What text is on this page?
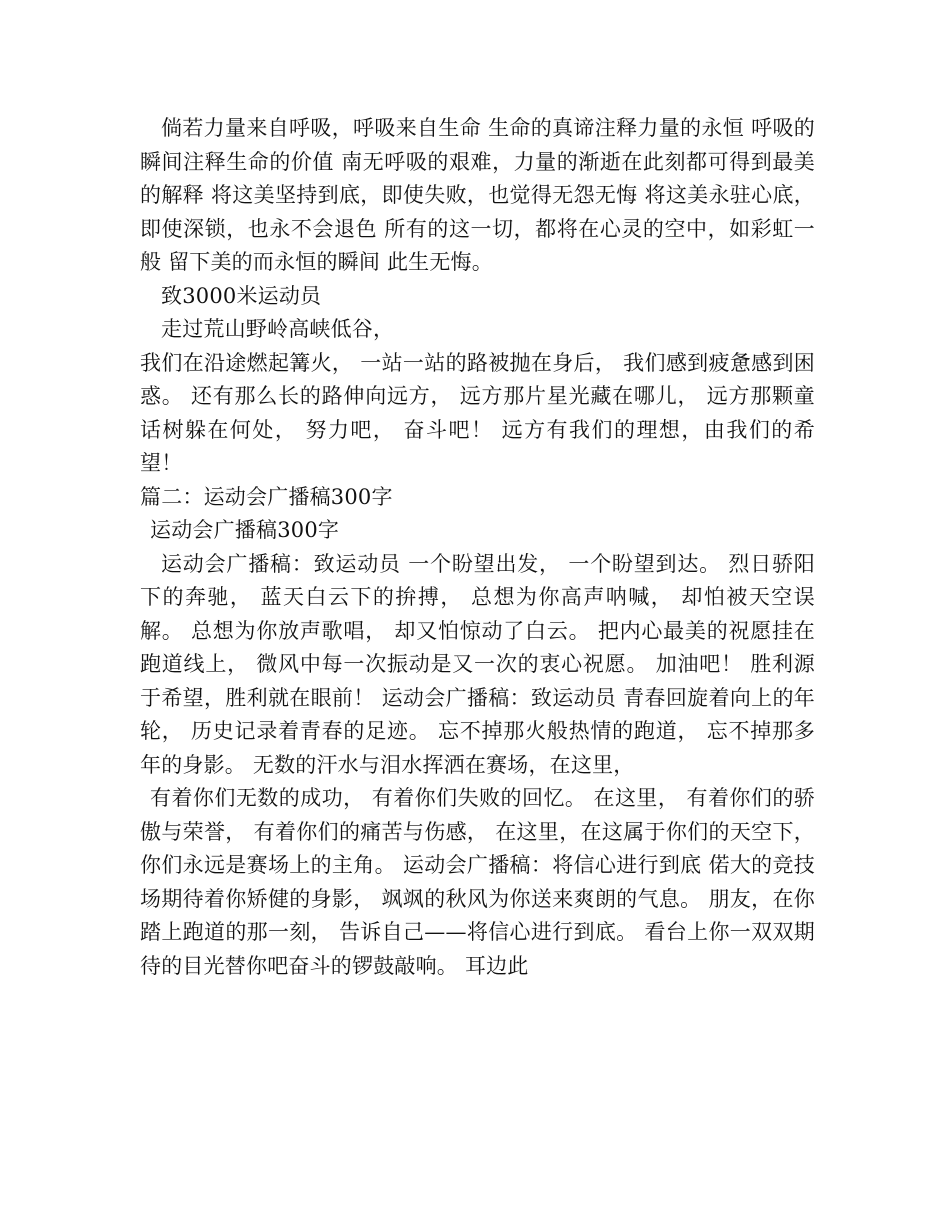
倘若力量来自呼吸，呼吸来自生命 生命的真谛注释力量的永恒 呼吸的瞬间注释生命的价值 南无呼吸的艰难，力量的渐逝在此刻都可得到最美的解释 将这美坚持到底，即使失败，也觉得无怨无悔 将这美永驻心底，即使深锁，也永不会退色 所有的这一切，都将在心灵的空中，如彩虹一般 留下美的而永恒的瞬间 此生无悔。

致3000米运动员

走过荒山野岭高峡低谷，

我们在沿途燃起篝火， 一站一站的路被抛在身后， 我们感到疲惫感到困惑。 还有那么长的路伸向远方， 远方那片星光藏在哪儿， 远方那颗童话树躲在何处， 努力吧， 奋斗吧！ 远方有我们的理想，由我们的希望！

篇二：运动会广播稿300字

运动会广播稿300字

运动会广播稿：致运动员 一个盼望出发， 一个盼望到达。 烈日骄阳下的奔驰， 蓝天白云下的拚搏， 总想为你高声呐喊， 却怕被天空误解。 总想为你放声歌唱， 却又怕惊动了白云。 把内心最美的祝愿挂在跑道线上， 微风中每一次振动是又一次的衷心祝愿。 加油吧！ 胜利源于希望，胜利就在眼前！ 运动会广播稿：致运动员 青春回旋着向上的年轮， 历史记录着青春的足迹。 忘不掉那火般热情的跑道， 忘不掉那多年的身影。 无数的汗水与泪水挥洒在赛场，在这里，

有着你们无数的成功， 有着你们失败的回忆。 在这里， 有着你们的骄傲与荣誉， 有着你们的痛苦与伤感， 在这里，在这属于你们的天空下， 你们永远是赛场上的主角。 运动会广播稿：将信心进行到底 偌大的竞技场期待着你矫健的身影， 飒飒的秋风为你送来爽朗的气息。 朋友，在你踏上跑道的那一刻， 告诉自己——将信心进行到底。 看台上你一双双期待的目光替你吧奋斗的锣鼓敲响。 耳边此
